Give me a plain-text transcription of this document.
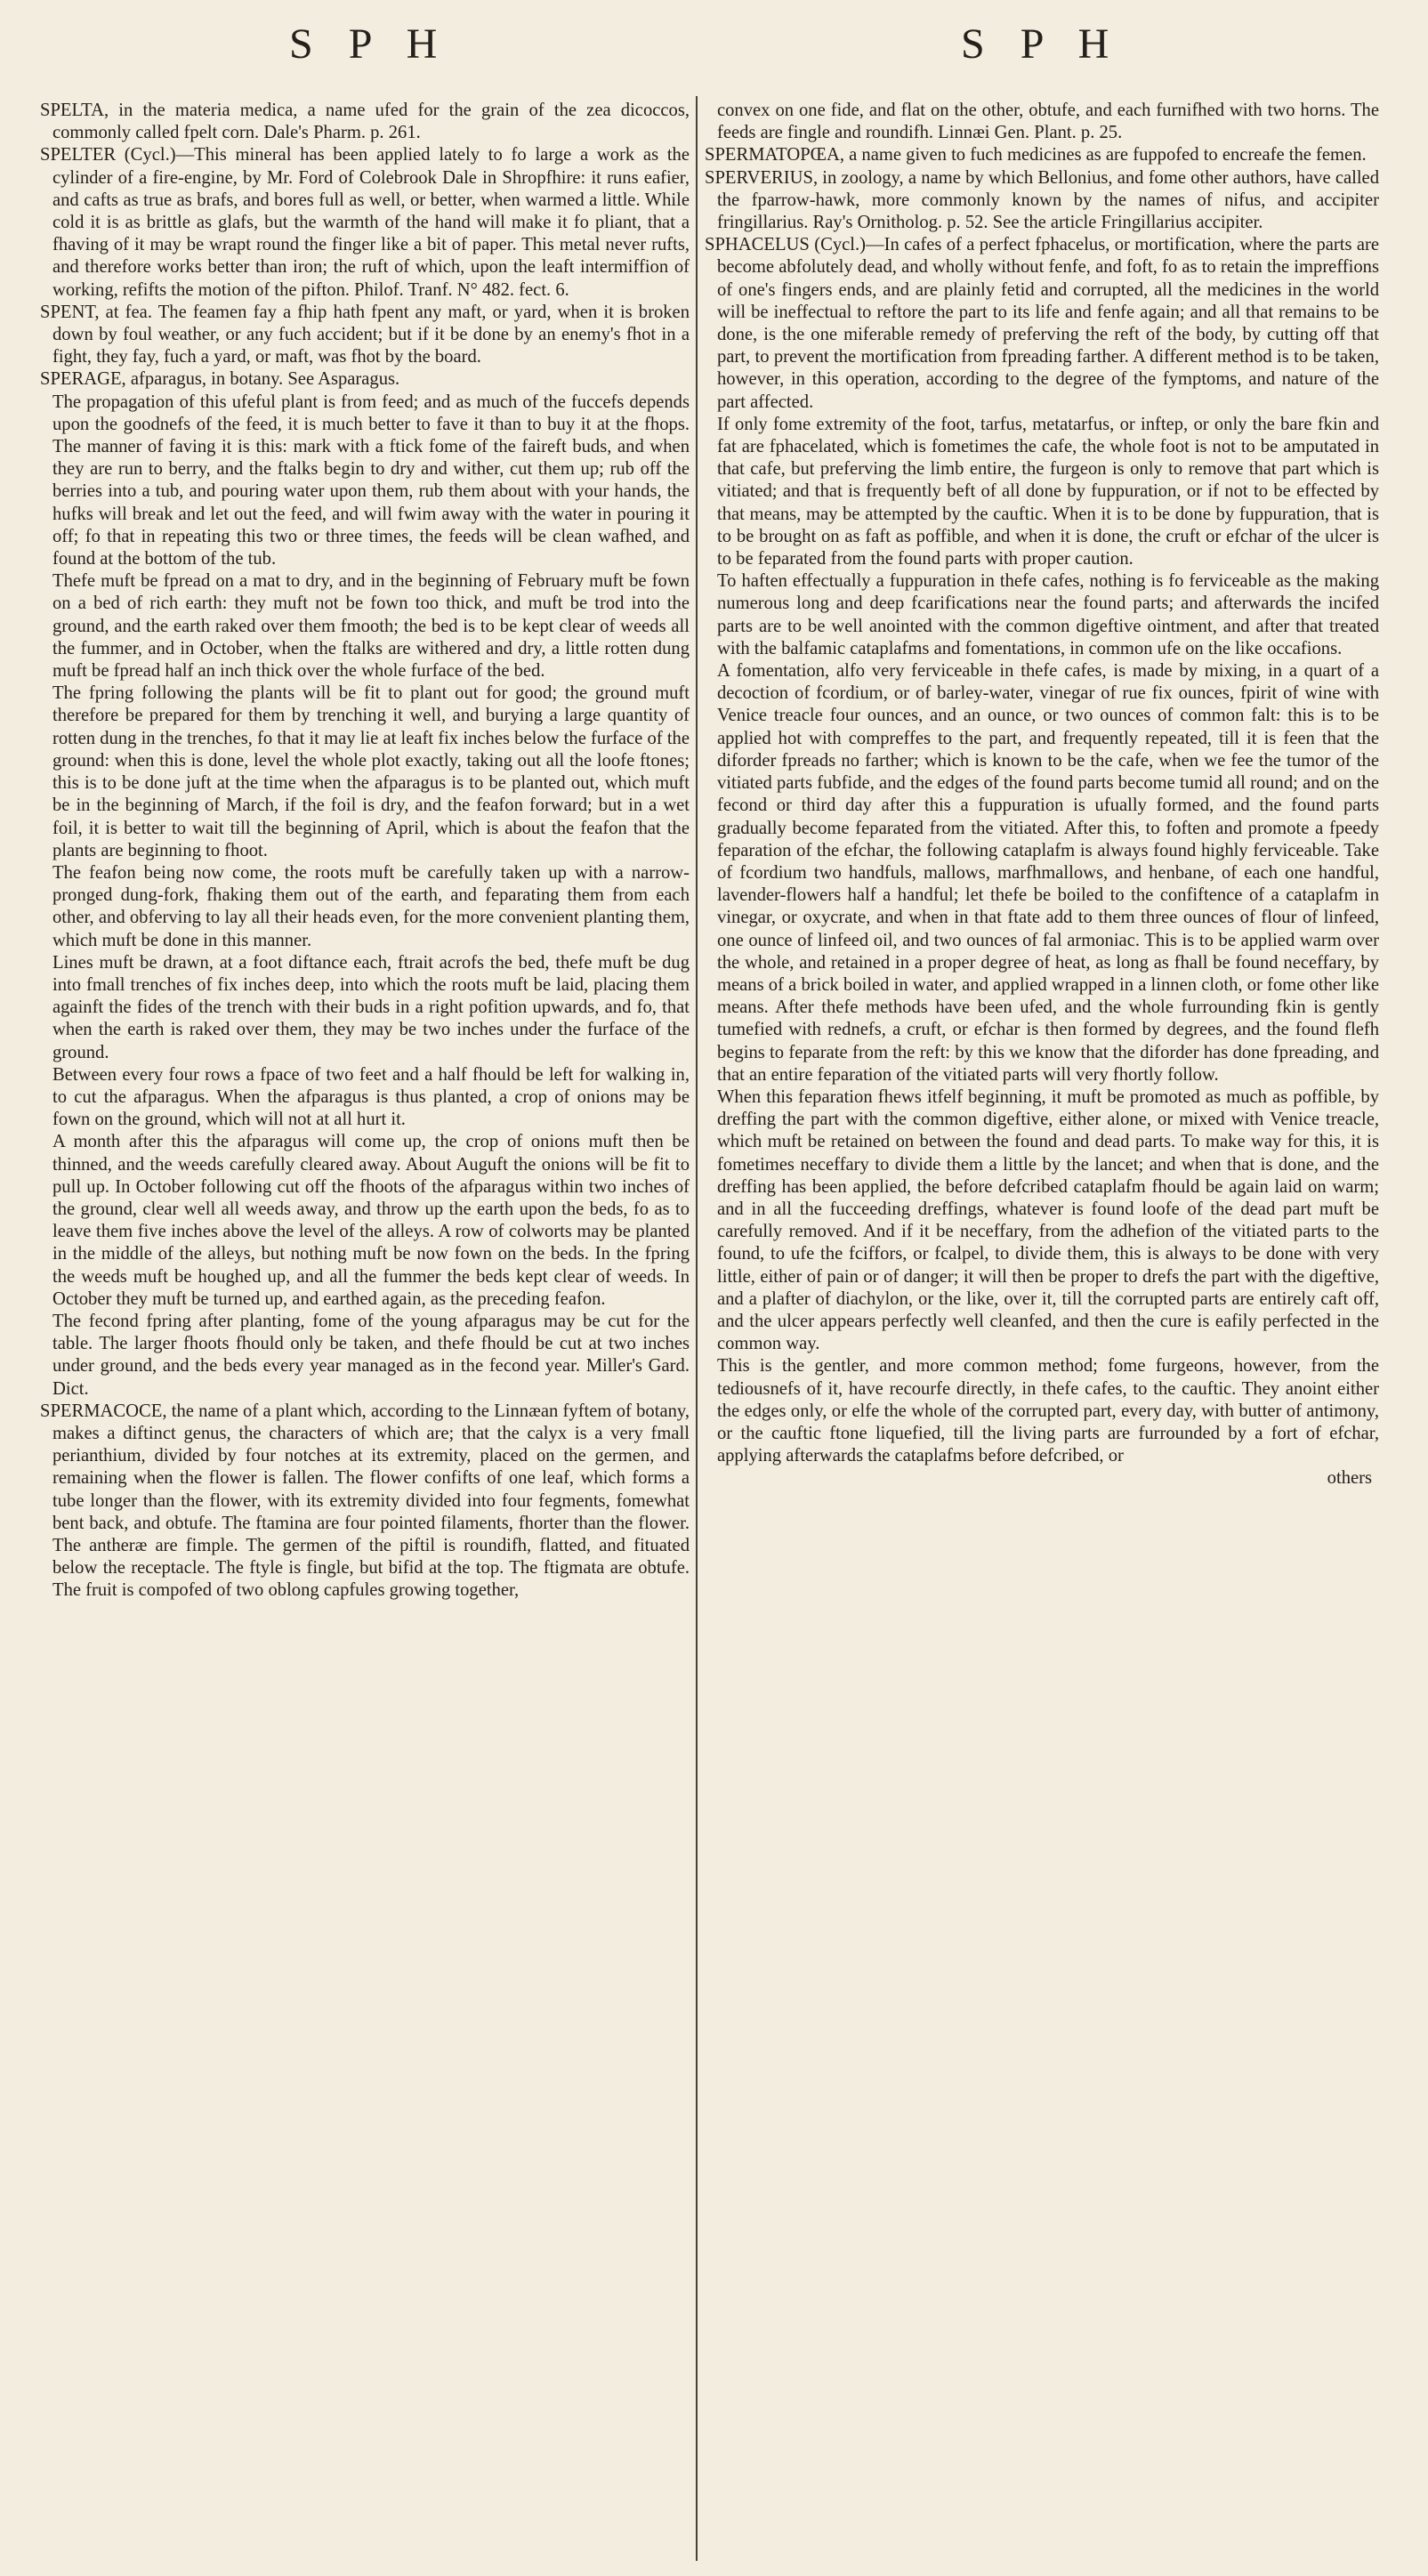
S P H	S P H

SPELTA, in the materia medica, a name ufed for the grain of the zea dicoccos, commonly called fpelt corn. Dale's Pharm. p. 261.

SPELTER (Cycl.)—This mineral has been applied lately to fo large a work as the cylinder of a fire-engine, by Mr. Ford of Colebrook Dale in Shropfhire: it runs eafier, and cafts as true as brafs, and bores full as well, or better, when warmed a little. While cold it is as brittle as glafs, but the warmth of the hand will make it fo pliant, that a fhaving of it may be wrapt round the finger like a bit of paper. This metal never rufts, and therefore works better than iron; the ruft of which, upon the leaft intermiffion of working, refifts the motion of the pifton. Philof. Tranf. N° 482. fect. 6.

SPENT, at fea. The feamen fay a fhip hath fpent any maft, or yard, when it is broken down by foul weather, or any fuch accident; but if it be done by an enemy's fhot in a fight, they fay, fuch a yard, or maft, was fhot by the board.

SPERAGE, afparagus, in botany. See Asparagus.

The propagation of this ufeful plant is from feed; and as much of the fuccefs depends upon the goodnefs of the feed, it is much better to fave it than to buy it at the fhops. The manner of faving it is this: mark with a ftick fome of the faireft buds, and when they are run to berry, and the ftalks begin to dry and wither, cut them up; rub off the berries into a tub, and pouring water upon them, rub them about with your hands, the hufks will break and let out the feed, and will fwim away with the water in pouring it off; fo that in repeating this two or three times, the feeds will be clean wafhed, and found at the bottom of the tub.

Thefe muft be fpread on a mat to dry, and in the beginning of February muft be fown on a bed of rich earth: they muft not be fown too thick, and muft be trod into the ground, and the earth raked over them fmooth; the bed is to be kept clear of weeds all the fummer, and in October, when the ftalks are withered and dry, a little rotten dung muft be fpread half an inch thick over the whole furface of the bed.

The fpring following the plants will be fit to plant out for good; the ground muft therefore be prepared for them by trenching it well, and burying a large quantity of rotten dung in the trenches, fo that it may lie at leaft fix inches below the furface of the ground: when this is done, level the whole plot exactly, taking out all the loofe ftones; this is to be done juft at the time when the afparagus is to be planted out, which muft be in the beginning of March, if the foil is dry, and the feafon forward; but in a wet foil, it is better to wait till the beginning of April, which is about the feafon that the plants are beginning to fhoot.

The feafon being now come, the roots muft be carefully taken up with a narrow-pronged dung-fork, fhaking them out of the earth, and feparating them from each other, and obferving to lay all their heads even, for the more convenient planting them, which muft be done in this manner.

Lines muft be drawn, at a foot diftance each, ftrait acrofs the bed, thefe muft be dug into fmall trenches of fix inches deep, into which the roots muft be laid, placing them againft the fides of the trench with their buds in a right pofition upwards, and fo, that when the earth is raked over them, they may be two inches under the furface of the ground.

Between every four rows a fpace of two feet and a half fhould be left for walking in, to cut the afparagus. When the afparagus is thus planted, a crop of onions may be fown on the ground, which will not at all hurt it.

A month after this the afparagus will come up, the crop of onions muft then be thinned, and the weeds carefully cleared away. About Auguft the onions will be fit to pull up. In October following cut off the fhoots of the afparagus within two inches of the ground, clear well all weeds away, and throw up the earth upon the beds, fo as to leave them five inches above the level of the alleys. A row of colworts may be planted in the middle of the alleys, but nothing muft be now fown on the beds. In the fpring the weeds muft be houghed up, and all the fummer the beds kept clear of weeds. In October they muft be turned up, and earthed again, as the preceding feafon.

The fecond fpring after planting, fome of the young afparagus may be cut for the table. The larger fhoots fhould only be taken, and thefe fhould be cut at two inches under ground, and the beds every year managed as in the fecond year. Miller's Gard. Dict.

SPERMACOCE, the name of a plant which, according to the Linnæan fyftem of botany, makes a diftinct genus, the characters of which are; that the calyx is a very fmall perianthium, divided by four notches at its extremity, placed on the germen, and remaining when the flower is fallen. The flower confifts of one leaf, which forms a tube longer than the flower, with its extremity divided into four fegments, fomewhat bent back, and obtufe. The ftamina are four pointed filaments, fhorter than the flower. The antheræ are fimple. The germen of the piftil is roundifh, flatted, and fituated below the receptacle. The ftyle is fingle, but bifid at the top. The ftigmata are obtufe. The fruit is compofed of two oblong capfules growing together,

convex on one fide, and flat on the other, obtufe, and each furnifhed with two horns. The feeds are fingle and roundifh. Linnæi Gen. Plant. p. 25.

SPERMATOPŒA, a name given to fuch medicines as are fuppofed to encreafe the femen.

SPERVERIUS, in zoology, a name by which Bellonius, and fome other authors, have called the fparrow-hawk, more commonly known by the names of nifus, and accipiter fringillarius. Ray's Ornitholog. p. 52. See the article Fringillarius accipiter.

SPHACELUS (Cycl.)—In cafes of a perfect fphacelus, or mortification, where the parts are become abfolutely dead, and wholly without fenfe, and foft, fo as to retain the impreffions of one's fingers ends, and are plainly fetid and corrupted, all the medicines in the world will be ineffectual to reftore the part to its life and fenfe again; and all that remains to be done, is the one miferable remedy of preferving the reft of the body, by cutting off that part, to prevent the mortification from fpreading farther. A different method is to be taken, however, in this operation, according to the degree of the fymptoms, and nature of the part affected.

If only fome extremity of the foot, tarfus, metatarfus, or inftep, or only the bare fkin and fat are fphacelated, which is fometimes the cafe, the whole foot is not to be amputated in that cafe, but preferving the limb entire, the furgeon is only to remove that part which is vitiated; and that is frequently beft of all done by fuppuration, or if not to be effected by that means, may be attempted by the cauftic. When it is to be done by fuppuration, that is to be brought on as faft as poffible, and when it is done, the cruft or efchar of the ulcer is to be feparated from the found parts with proper caution.

To haften effectually a fuppuration in thefe cafes, nothing is fo ferviceable as the making numerous long and deep fcarifications near the found parts; and afterwards the incifed parts are to be well anointed with the common digeftive ointment, and after that treated with the balfamic cataplafms and fomentations, in common ufe on the like occafions.

A fomentation, alfo very ferviceable in thefe cafes, is made by mixing, in a quart of a decoction of fcordium, or of barley-water, vinegar of rue fix ounces, fpirit of wine with Venice treacle four ounces, and an ounce, or two ounces of common falt: this is to be applied hot with compreffes to the part, and frequently repeated, till it is feen that the diforder fpreads no farther; which is known to be the cafe, when we fee the tumor of the vitiated parts fubfide, and the edges of the found parts become tumid all round; and on the fecond or third day after this a fuppuration is ufually formed, and the found parts gradually become feparated from the vitiated. After this, to foften and promote a fpeedy feparation of the efchar, the following cataplafm is always found highly ferviceable. Take of fcordium two handfuls, mallows, marfhmallows, and henbane, of each one handful, lavender-flowers half a handful; let thefe be boiled to the confiftence of a cataplafm in vinegar, or oxycrate, and when in that ftate add to them three ounces of flour of linfeed, one ounce of linfeed oil, and two ounces of fal armoniac. This is to be applied warm over the whole, and retained in a proper degree of heat, as long as fhall be found neceffary, by means of a brick boiled in water, and applied wrapped in a linnen cloth, or fome other like means. After thefe methods have been ufed, and the whole furrounding fkin is gently tumefied with rednefs, a cruft, or efchar is then formed by degrees, and the found flefh begins to feparate from the reft: by this we know that the diforder has done fpreading, and that an entire feparation of the vitiated parts will very fhortly follow.

When this feparation fhews itfelf beginning, it muft be promoted as much as poffible, by dreffing the part with the common digeftive, either alone, or mixed with Venice treacle, which muft be retained on between the found and dead parts. To make way for this, it is fometimes neceffary to divide them a little by the lancet; and when that is done, and the dreffing has been applied, the before defcribed cataplafm fhould be again laid on warm; and in all the fucceeding dreffings, whatever is found loofe of the dead part muft be carefully removed. And if it be neceffary, from the adhefion of the vitiated parts to the found, to ufe the fciffors, or fcalpel, to divide them, this is always to be done with very little, either of pain or of danger; it will then be proper to drefs the part with the digeftive, and a plafter of diachylon, or the like, over it, till the corrupted parts are entirely caft off, and the ulcer appears perfectly well cleanfed, and then the cure is eafily perfected in the common way.

This is the gentler, and more common method; fome furgeons, however, from the tediousnefs of it, have recourfe directly, in thefe cafes, to the cauftic. They anoint either the edges only, or elfe the whole of the corrupted part, every day, with butter of antimony, or the cauftic ftone liquefied, till the living parts are furrounded by a fort of efchar, applying afterwards the cataplafms before defcribed, or

others
